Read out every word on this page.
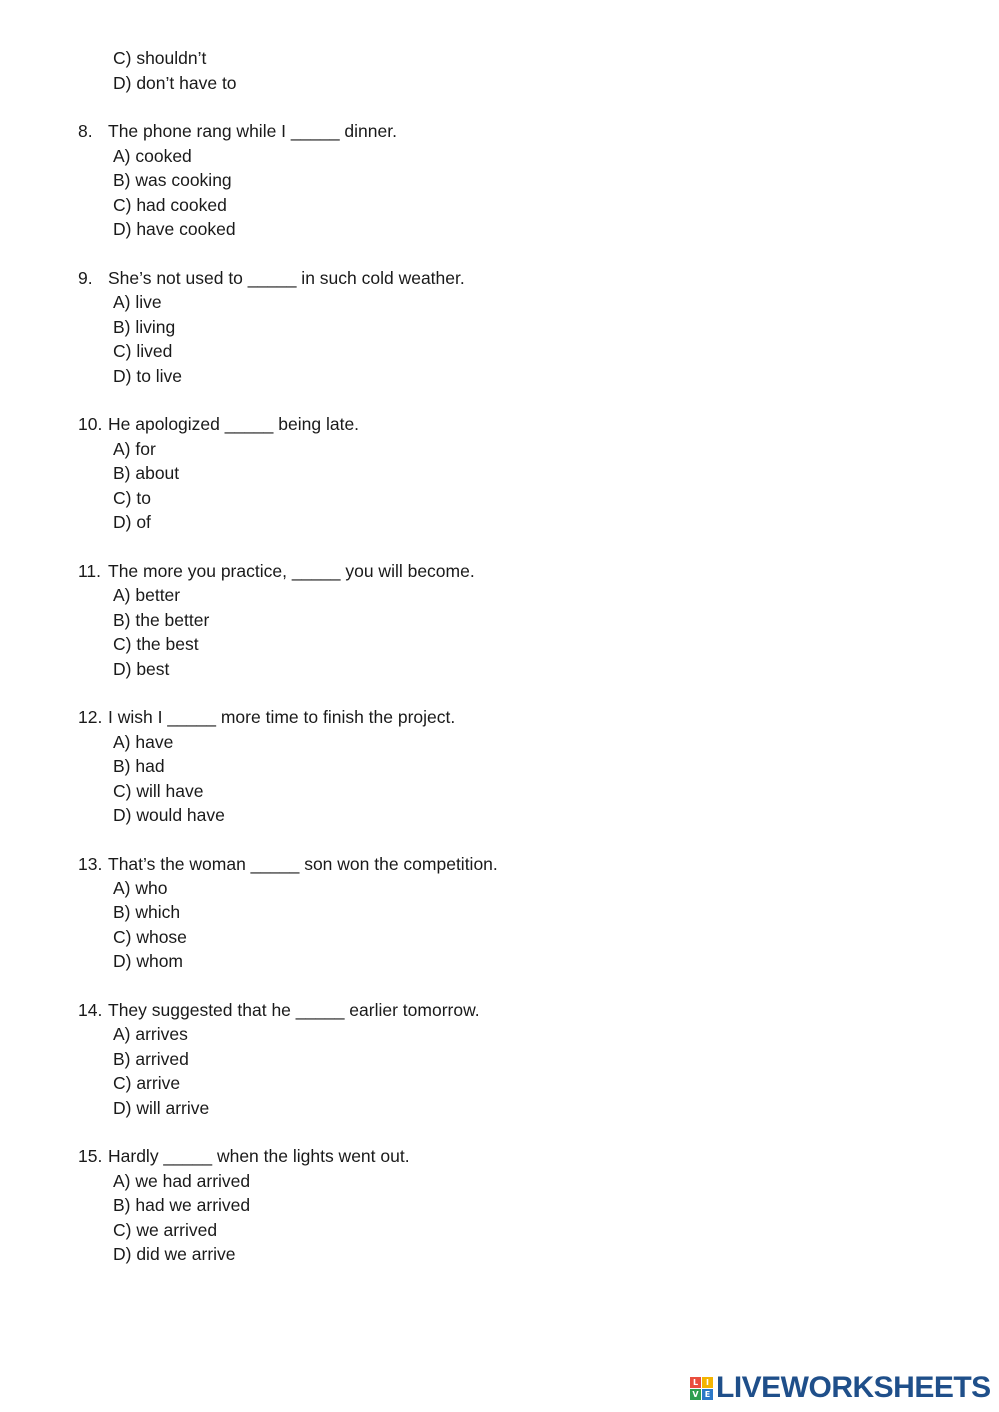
C) shouldn’t
D) don’t have to
8. The phone rang while I _____ dinner.
A) cooked
B) was cooking
C) had cooked
D) have cooked
9. She’s not used to _____ in such cold weather.
A) live
B) living
C) lived
D) to live
10. He apologized _____ being late.
A) for
B) about
C) to
D) of
11. The more you practice, _____ you will become.
A) better
B) the better
C) the best
D) best
12. I wish I _____ more time to finish the project.
A) have
B) had
C) will have
D) would have
13. That’s the woman _____ son won the competition.
A) who
B) which
C) whose
D) whom
14. They suggested that he _____ earlier tomorrow.
A) arrives
B) arrived
C) arrive
D) will arrive
15. Hardly _____ when the lights went out.
A) we had arrived
B) had we arrived
C) we arrived
D) did we arrive
L I
V E LIVEWORKSHEETS
